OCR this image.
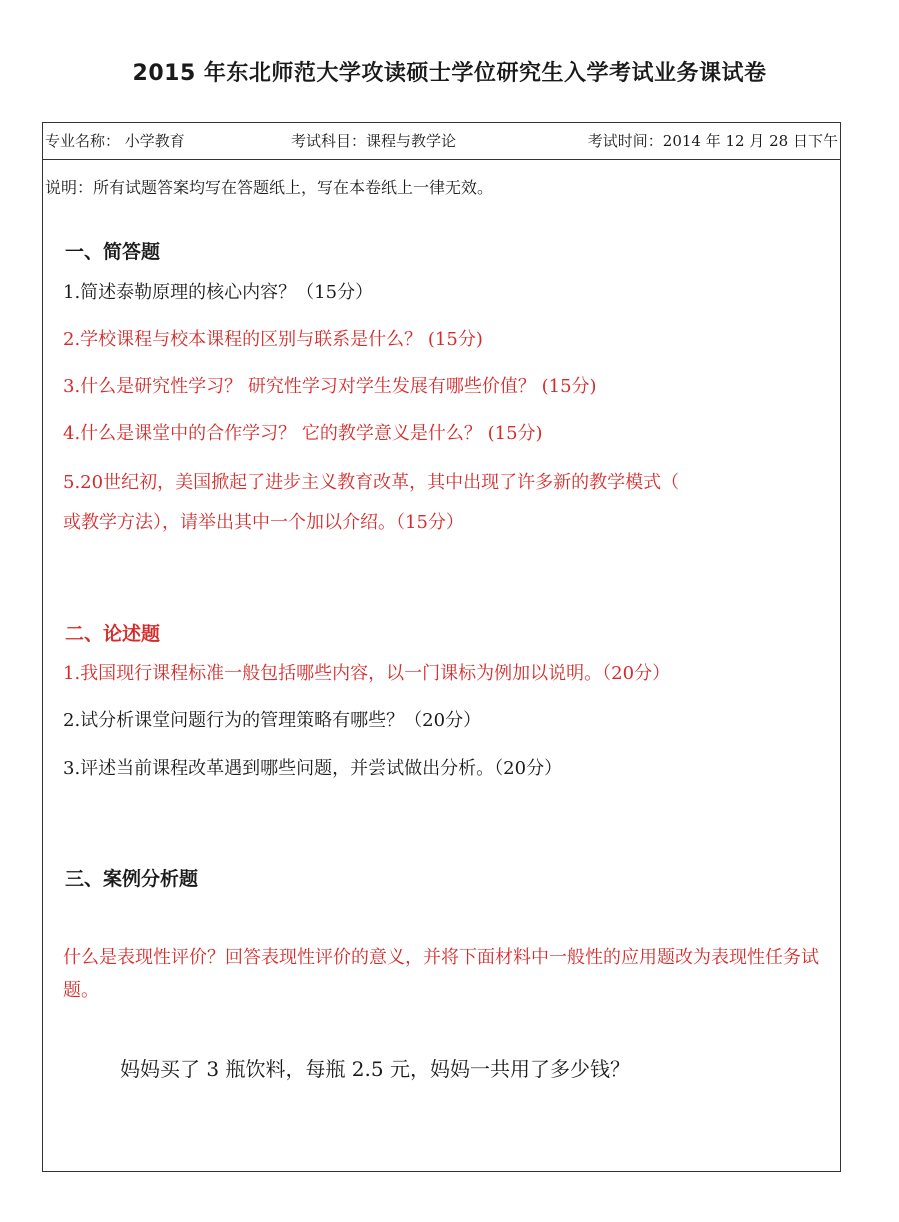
2015 年东北师范大学攻读硕士学位研究生入学考试业务课试卷
专业名称： 小学教育	考试科目：课程与教学论	考试时间：2014 年 12 月 28 日下午
说明：所有试题答案均写在答题纸上，写在本卷纸上一律无效。
一、简答题
1.简述泰勒原理的核心内容？（15分）
2.学校课程与校本课程的区别与联系是什么？ (15分)
3.什么是研究性学习？ 研究性学习对学生发展有哪些价值？ (15分)
4.什么是课堂中的合作学习？ 它的教学意义是什么？ (15分)
5.20世纪初，美国掀起了进步主义教育改革，其中出现了许多新的教学模式（
或教学方法），请举出其中一个加以介绍。（15分）
二、论述题
1.我国现行课程标准一般包括哪些内容，以一门课标为例加以说明。（20分）
2.试分析课堂问题行为的管理策略有哪些？（20分）
3.评述当前课程改革遇到哪些问题，并尝试做出分析。（20分）
三、案例分析题
什么是表现性评价？回答表现性评价的意义，并将下面材料中一般性的应用题改为表现性任务试题。
妈妈买了 3 瓶饮料，每瓶 2.5 元，妈妈一共用了多少钱？
